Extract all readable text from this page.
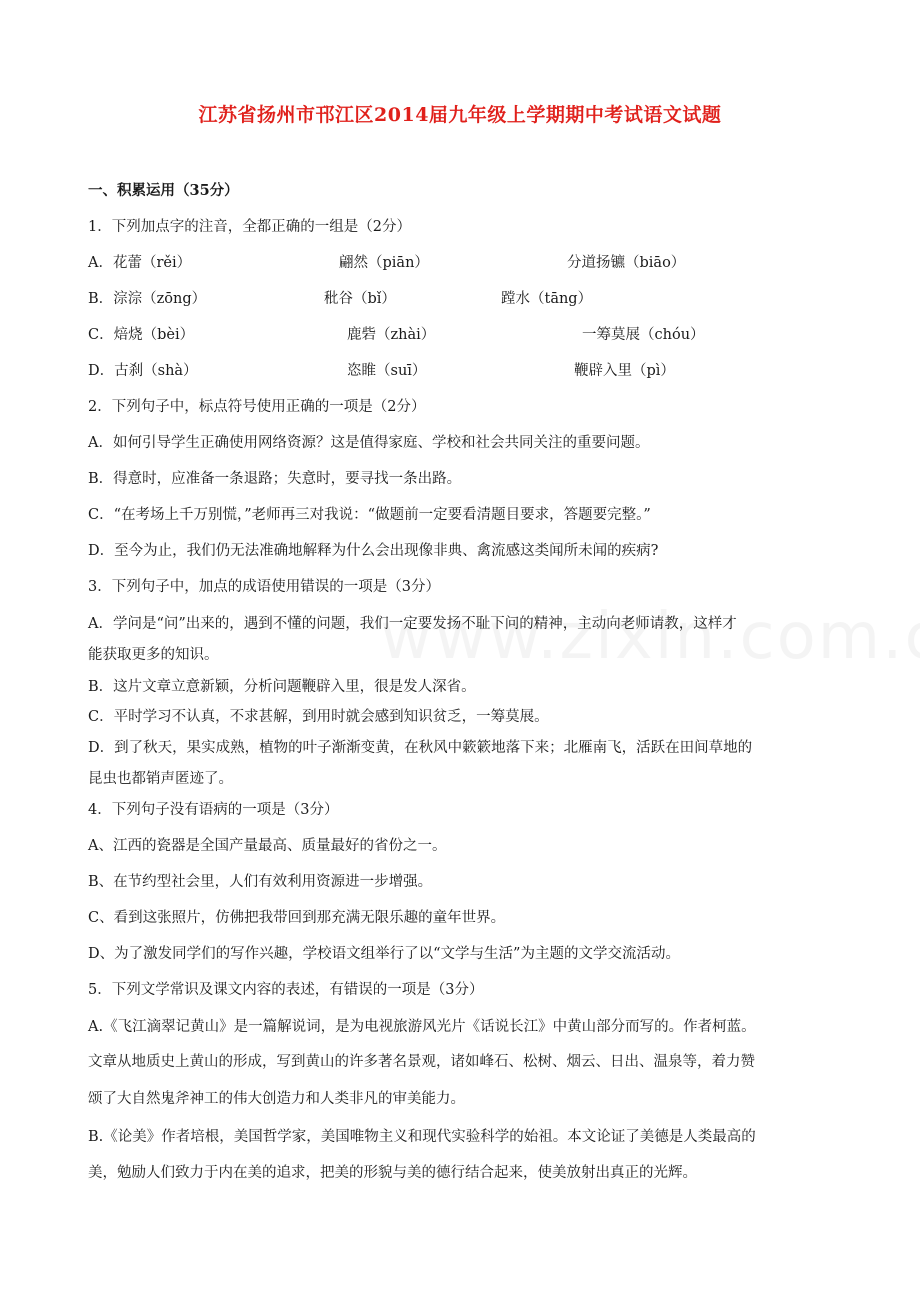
江苏省扬州市邗江区2014届九年级上学期期中考试语文试题
一、积累运用（35分）
1．下列加点字的注音，全都正确的一组是（2分）
A．花蕾（rěi）	翩然（piān）	分道扬镳（biāo）
B．淙淙（zōng）	秕谷（bǐ）	蹚水（tāng）
C．焙烧（bèi）	鹿砦（zhài）	一筹莫展（chóu）
D．古刹（shà）	恣睢（suī）	鞭辟入里（pì）
2．下列句子中，标点符号使用正确的一项是（2分）
A．如何引导学生正确使用网络资源？这是值得家庭、学校和社会共同关注的重要问题。
B．得意时，应准备一条退路；失意时，要寻找一条出路。
C．“在考场上千万别慌，”老师再三对我说：“做题前一定要看清题目要求，答题要完整。”
D．至今为止，我们仍无法准确地解释为什么会出现像非典、禽流感这类闻所未闻的疾病?
3．下列句子中，加点的成语使用错误的一项是（3分）
A．学问是“问”出来的，遇到不懂的问题，我们一定要发扬不耻下问的精神，主动向老师请教，这样才
能获取更多的知识。
B．这片文章立意新颖，分析问题鞭辟入里，很是发人深省。
C．平时学习不认真，不求甚解，到用时就会感到知识贫乏，一筹莫展。
D．到了秋天，果实成熟，植物的叶子渐渐变黄，在秋风中簌簌地落下来；北雁南飞，活跃在田间草地的
昆虫也都销声匿迹了。
4．下列句子没有语病的一项是（3分）
A、江西的瓷器是全国产量最高、质量最好的省份之一。
B、在节约型社会里，人们有效利用资源进一步增强。
C、看到这张照片，仿佛把我带回到那充满无限乐趣的童年世界。
D、为了激发同学们的写作兴趣，学校语文组举行了以“文学与生活”为主题的文学交流活动。
5．下列文学常识及课文内容的表述，有错误的一项是（3分）
A.《飞江滴翠记黄山》是一篇解说词，是为电视旅游风光片《话说长江》中黄山部分而写的。作者柯蓝。
文章从地质史上黄山的形成，写到黄山的许多著名景观，诸如峰石、松树、烟云、日出、温泉等，着力赞
颂了大自然鬼斧神工的伟大创造力和人类非凡的审美能力。
B.《论美》作者培根，美国哲学家，美国唯物主义和现代实验科学的始祖。本文论证了美德是人类最高的
美，勉励人们致力于内在美的追求，把美的形貌与美的德行结合起来，使美放射出真正的光辉。
